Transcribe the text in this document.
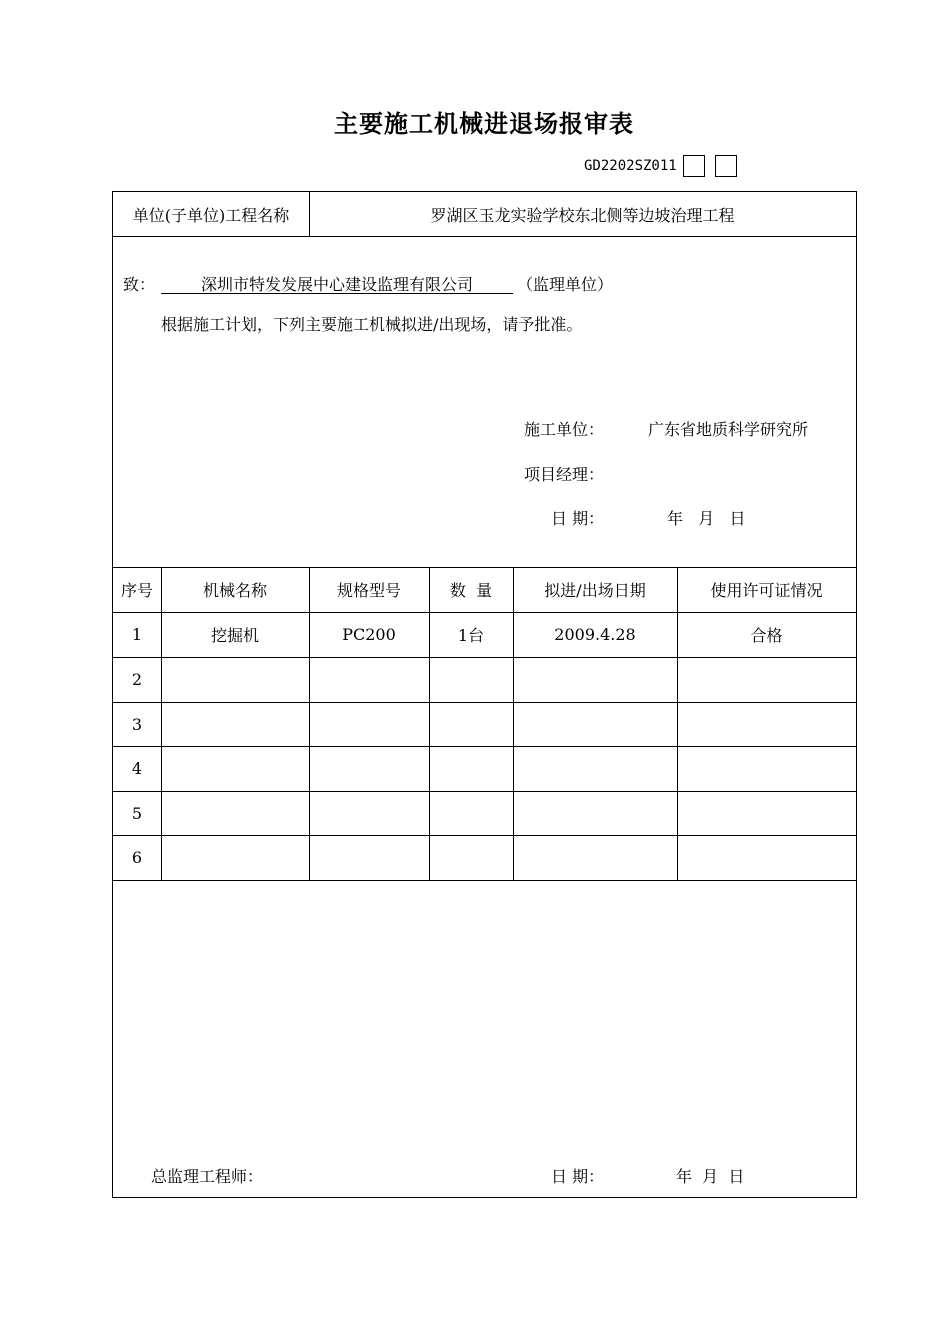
主要施工机械进退场报审表
GD2202SZ011
单位(子单位)工程名称	罗湖区玉龙实验学校东北侧等边坡治理工程
致：	深圳市特发发展中心建设监理有限公司	（监理单位）
根据施工计划，下列主要施工机械拟进/出现场，请予批准。
施工单位：	广东省地质科学研究所
项目经理：
日 期：	年   月   日
序号	机械名称	规格型号	数  量	拟进/出场日期	使用许可证情况
1	挖掘机	PC200	1台	2009.4.28	合格
2
3
4
5
6
总监理工程师：	日 期：	年  月  日
